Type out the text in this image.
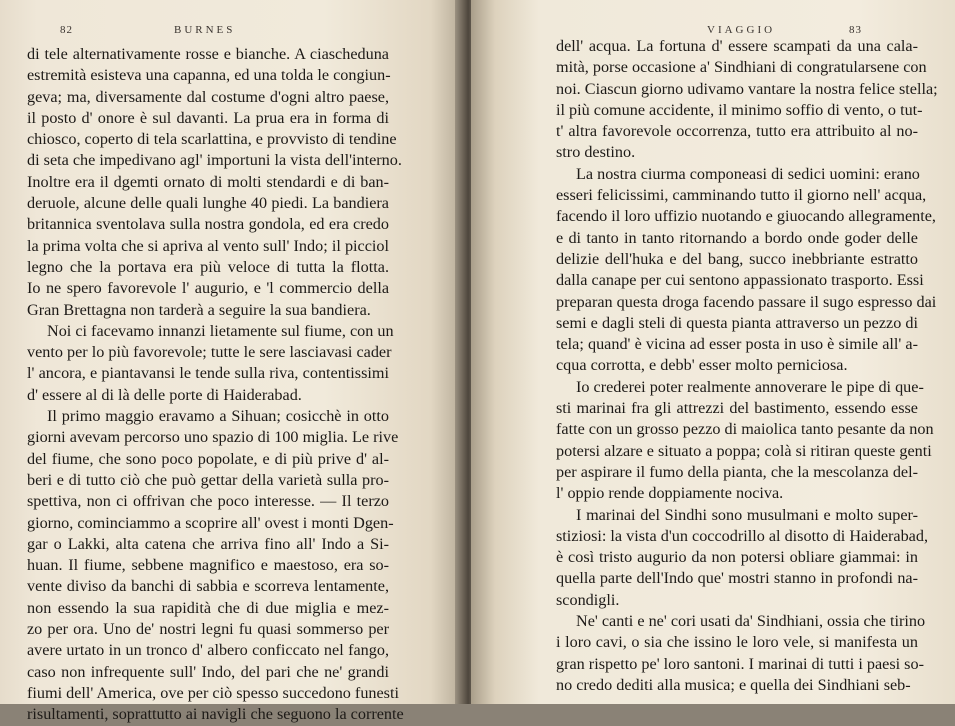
82	BURNES
di tele alternativamente rosse e bianche. A ciascheduna
estremità esisteva una capanna, ed una tolda le congiun-
geva; ma, diversamente dal costume d'ogni altro paese,
il posto d' onore è sul davanti. La prua era in forma di
chiosco, coperto di tela scarlattina, e provvisto di tendine
di seta che impedivano agl' importuni la vista dell'interno.
Inoltre era il dgemti ornato di molti stendardi e di ban-
deruole, alcune delle quali lunghe 40 piedi. La bandiera
britannica sventolava sulla nostra gondola, ed era credo
la prima volta che si apriva al vento sull' Indo; il picciol
legno che la portava era più veloce di tutta la flotta.
Io ne spero favorevole l' augurio, e 'l commercio della
Gran Brettagna non tarderà a seguire la sua bandiera.
Noi ci facevamo innanzi lietamente sul fiume, con un
vento per lo più favorevole; tutte le sere lasciavasi cader
l' ancora, e piantavansi le tende sulla riva, contentissimi
d' essere al di là delle porte di Haiderabad.
Il primo maggio eravamo a Sihuan; cosicchè in otto
giorni avevam percorso uno spazio di 100 miglia. Le rive
del fiume, che sono poco popolate, e di più prive d' al-
beri e di tutto ciò che può gettar della varietà sulla pro-
spettiva, non ci offrivan che poco interesse. — Il terzo
giorno, cominciammo a scoprire all' ovest i monti Dgen-
gar o Lakki, alta catena che arriva fino all' Indo a Si-
huan. Il fiume, sebbene magnifico e maestoso, era so-
vente diviso da banchi di sabbia e scorreva lentamente,
non essendo la sua rapidità che di due miglia e mez-
zo per ora. Uno de' nostri legni fu quasi sommerso per
avere urtato in un tronco d' albero conficcato nel fango,
caso non infrequente sull' Indo, del pari che ne' grandi
fiumi dell' America, ove per ciò spesso succedono funesti
risultamenti, soprattutto ai navigli che seguono la corrente
VIAGGIO	83
dell' acqua. La fortuna d' essere scampati da una cala-
mità, porse occasione a' Sindhiani di congratularsene con
noi. Ciascun giorno udivamo vantare la nostra felice stella;
il più comune accidente, il minimo soffio di vento, o tut-
t' altra favorevole occorrenza, tutto era attribuito al no-
stro destino.
La nostra ciurma componeasi di sedici uomini: erano
esseri felicissimi, camminando tutto il giorno nell' acqua,
facendo il loro uffizio nuotando e giuocando allegramente,
e di tanto in tanto ritornando a bordo onde goder delle
delizie dell'huka e del bang, succo inebbriante estratto
dalla canape per cui sentono appassionato trasporto. Essi
preparan questa droga facendo passare il sugo espresso dai
semi e dagli steli di questa pianta attraverso un pezzo di
tela; quand' è vicina ad esser posta in uso è simile all' a-
cqua corrotta, e debb' esser molto perniciosa.
Io crederei poter realmente annoverare le pipe di que-
sti marinai fra gli attrezzi del bastimento, essendo esse
fatte con un grosso pezzo di maiolica tanto pesante da non
potersi alzare e situato a poppa; colà si ritiran queste genti
per aspirare il fumo della pianta, che la mescolanza del-
l' oppio rende doppiamente nociva.
I marinai del Sindhi sono musulmani e molto super-
stiziosi: la vista d'un coccodrillo al disotto di Haiderabad,
è così tristo augurio da non potersi obliare giammai: in
quella parte dell'Indo que' mostri stanno in profondi na-
scondigli.
Ne' canti e ne' cori usati da' Sindhiani, ossia che tirino
i loro cavi, o sia che issino le loro vele, si manifesta un
gran rispetto pe' loro santoni. I marinai di tutti i paesi so-
no credo dediti alla musica; e quella dei Sindhiani seb-
